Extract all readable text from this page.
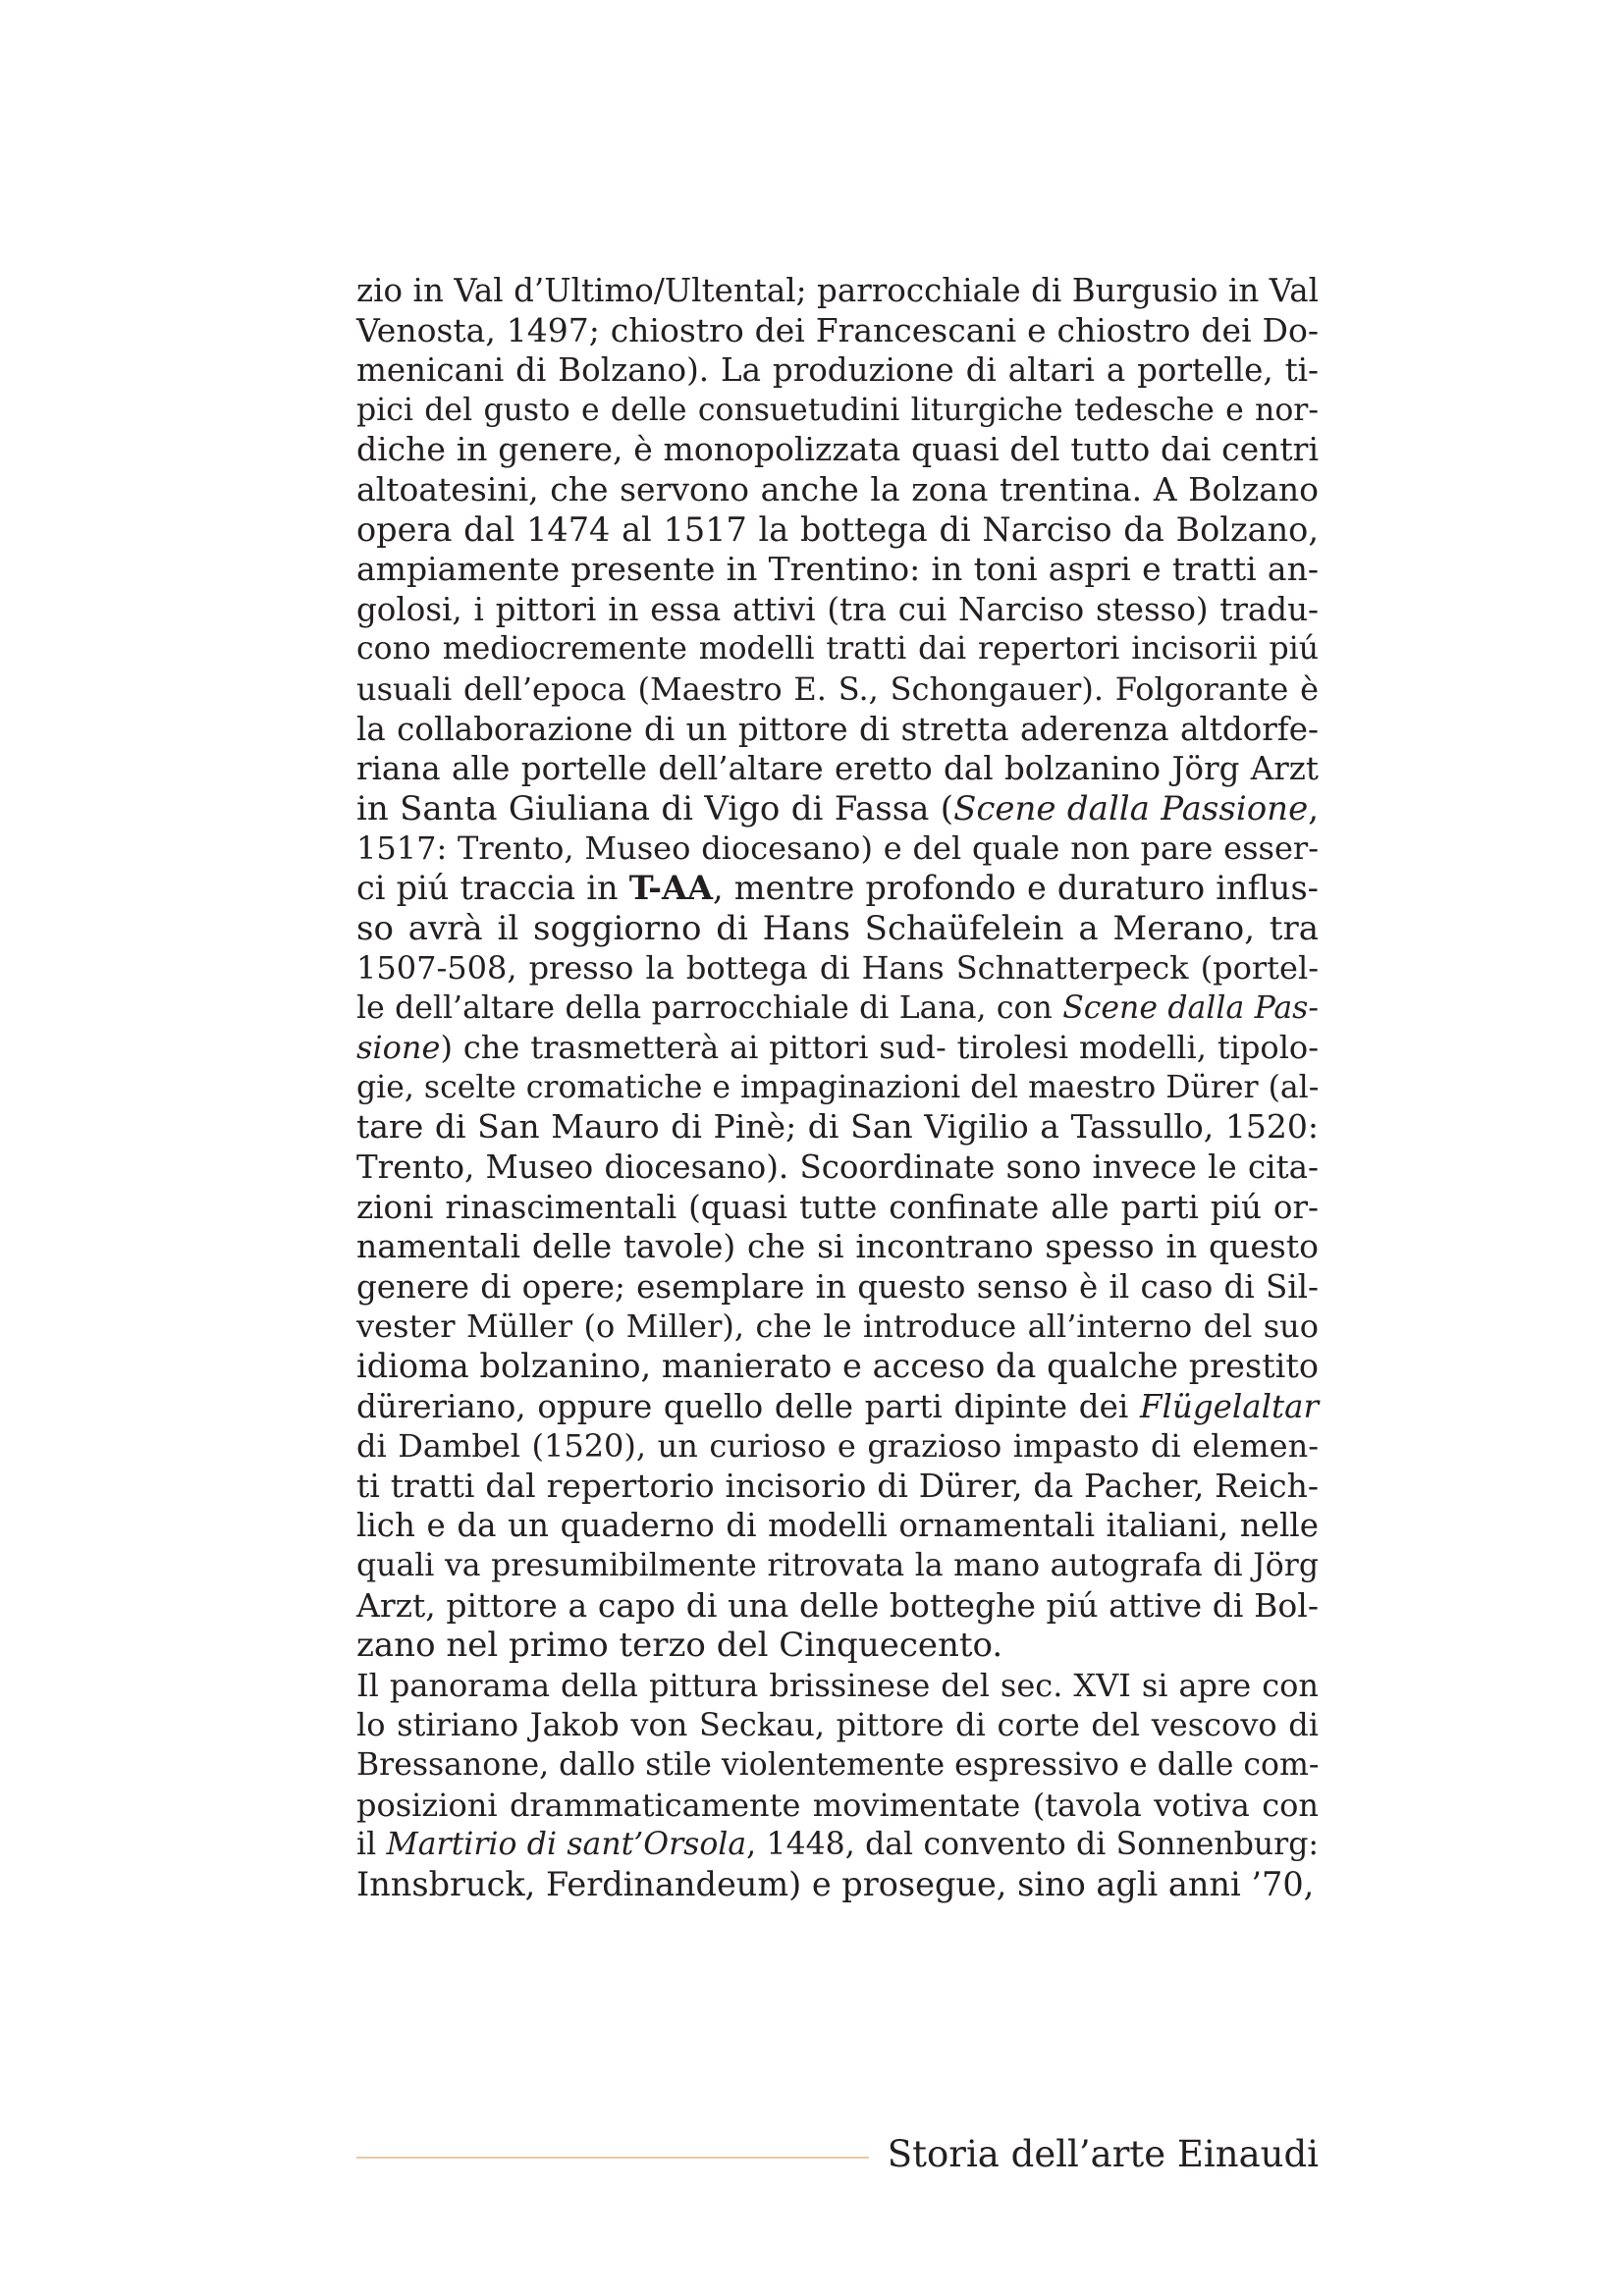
zio in Val d’Ultimo/Ultental; parrocchiale di Burgusio in Val
Venosta, 1497; chiostro dei Francescani e chiostro dei Do-
menicani di Bolzano). La produzione di altari a portelle, ti-
pici del gusto e delle consuetudini liturgiche tedesche e nor-
diche in genere, è monopolizzata quasi del tutto dai centri
altoatesini, che servono anche la zona trentina. A Bolzano
opera dal 1474 al 1517 la bottega di Narciso da Bolzano,
ampiamente presente in Trentino: in toni aspri e tratti an-
golosi, i pittori in essa attivi (tra cui Narciso stesso) tradu-
cono mediocremente modelli tratti dai repertori incisorii piú
usuali dell’epoca (Maestro E. S., Schongauer). Folgorante è
la collaborazione di un pittore di stretta aderenza altdorfe-
riana alle portelle dell’altare eretto dal bolzanino Jörg Arzt
in Santa Giuliana di Vigo di Fassa (Scene dalla Passione,
1517: Trento, Museo diocesano) e del quale non pare esser-
ci piú traccia in T-AA, mentre profondo e duraturo influs-
so avrà il soggiorno di Hans Schaüfelein a Merano, tra
1507-508, presso la bottega di Hans Schnatterpeck (portel-
le dell’altare della parrocchiale di Lana, con Scene dalla Pas-
sione) che trasmetterà ai pittori sud- tirolesi modelli, tipolo-
gie, scelte cromatiche e impaginazioni del maestro Dürer (al-
tare di San Mauro di Pinè; di San Vigilio a Tassullo, 1520:
Trento, Museo diocesano). Scoordinate sono invece le cita-
zioni rinascimentali (quasi tutte confinate alle parti piú or-
namentali delle tavole) che si incontrano spesso in questo
genere di opere; esemplare in questo senso è il caso di Sil-
vester Müller (o Miller), che le introduce all’interno del suo
idioma bolzanino, manierato e acceso da qualche prestito
düreriano, oppure quello delle parti dipinte dei Flügelaltar
di Dambel (1520), un curioso e grazioso impasto di elemen-
ti tratti dal repertorio incisorio di Dürer, da Pacher, Reich-
lich e da un quaderno di modelli ornamentali italiani, nelle
quali va presumibilmente ritrovata la mano autografa di Jörg
Arzt, pittore a capo di una delle botteghe piú attive di Bol-
zano nel primo terzo del Cinquecento.
Il panorama della pittura brissinese del sec. XVI si apre con
lo stiriano Jakob von Seckau, pittore di corte del vescovo di
Bressanone, dallo stile violentemente espressivo e dalle com-
posizioni drammaticamente movimentate (tavola votiva con
il Martirio di sant’Orsola, 1448, dal convento di Sonnenburg:
Innsbruck, Ferdinandeum) e prosegue, sino agli anni ’70,
Storia dell’arte Einaudi
